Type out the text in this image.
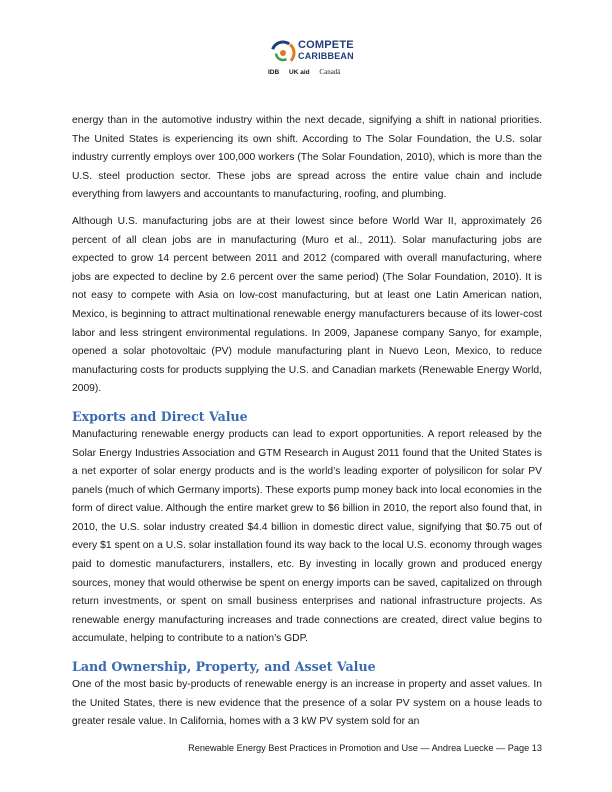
COMPETE
CARIBBEAN
IDB UK aid Canadä

energy than in the automotive industry within the next decade, signifying a shift in national priorities. The United States is experiencing its own shift. According to The Solar Foundation, the U.S. solar industry currently employs over 100,000 workers (The Solar Foundation, 2010), which is more than the U.S. steel production sector. These jobs are spread across the entire value chain and include everything from lawyers and accountants to manufacturing, roofing, and plumbing.

Although U.S. manufacturing jobs are at their lowest since before World War II, approximately 26 percent of all clean jobs are in manufacturing (Muro et al., 2011). Solar manufacturing jobs are expected to grow 14 percent between 2011 and 2012 (compared with overall manufacturing, where jobs are expected to decline by 2.6 percent over the same period) (The Solar Foundation, 2010). It is not easy to compete with Asia on low-cost manufacturing, but at least one Latin American nation, Mexico, is beginning to attract multinational renewable energy manufacturers because of its lower-cost labor and less stringent environmental regulations. In 2009, Japanese company Sanyo, for example, opened a solar photovoltaic (PV) module manufacturing plant in Nuevo Leon, Mexico, to reduce manufacturing costs for products supplying the U.S. and Canadian markets (Renewable Energy World, 2009).

Exports and Direct Value

Manufacturing renewable energy products can lead to export opportunities. A report released by the Solar Energy Industries Association and GTM Research in August 2011 found that the United States is a net exporter of solar energy products and is the world’s leading exporter of polysilicon for solar PV panels (much of which Germany imports). These exports pump money back into local economies in the form of direct value. Although the entire market grew to $6 billion in 2010, the report also found that, in 2010, the U.S. solar industry created $4.4 billion in domestic direct value, signifying that $0.75 out of every $1 spent on a U.S. solar installation found its way back to the local U.S. economy through wages paid to domestic manufacturers, installers, etc. By investing in locally grown and produced energy sources, money that would otherwise be spent on energy imports can be saved, capitalized on through return investments, or spent on small business enterprises and national infrastructure projects. As renewable energy manufacturing increases and trade connections are created, direct value begins to accumulate, helping to contribute to a nation’s GDP.

Land Ownership, Property, and Asset Value

One of the most basic by-products of renewable energy is an increase in property and asset values. In the United States, there is new evidence that the presence of a solar PV system on a house leads to greater resale value. In California, homes with a 3 kW PV system sold for an

Renewable Energy Best Practices in Promotion and Use — Andrea Luecke — Page 13
